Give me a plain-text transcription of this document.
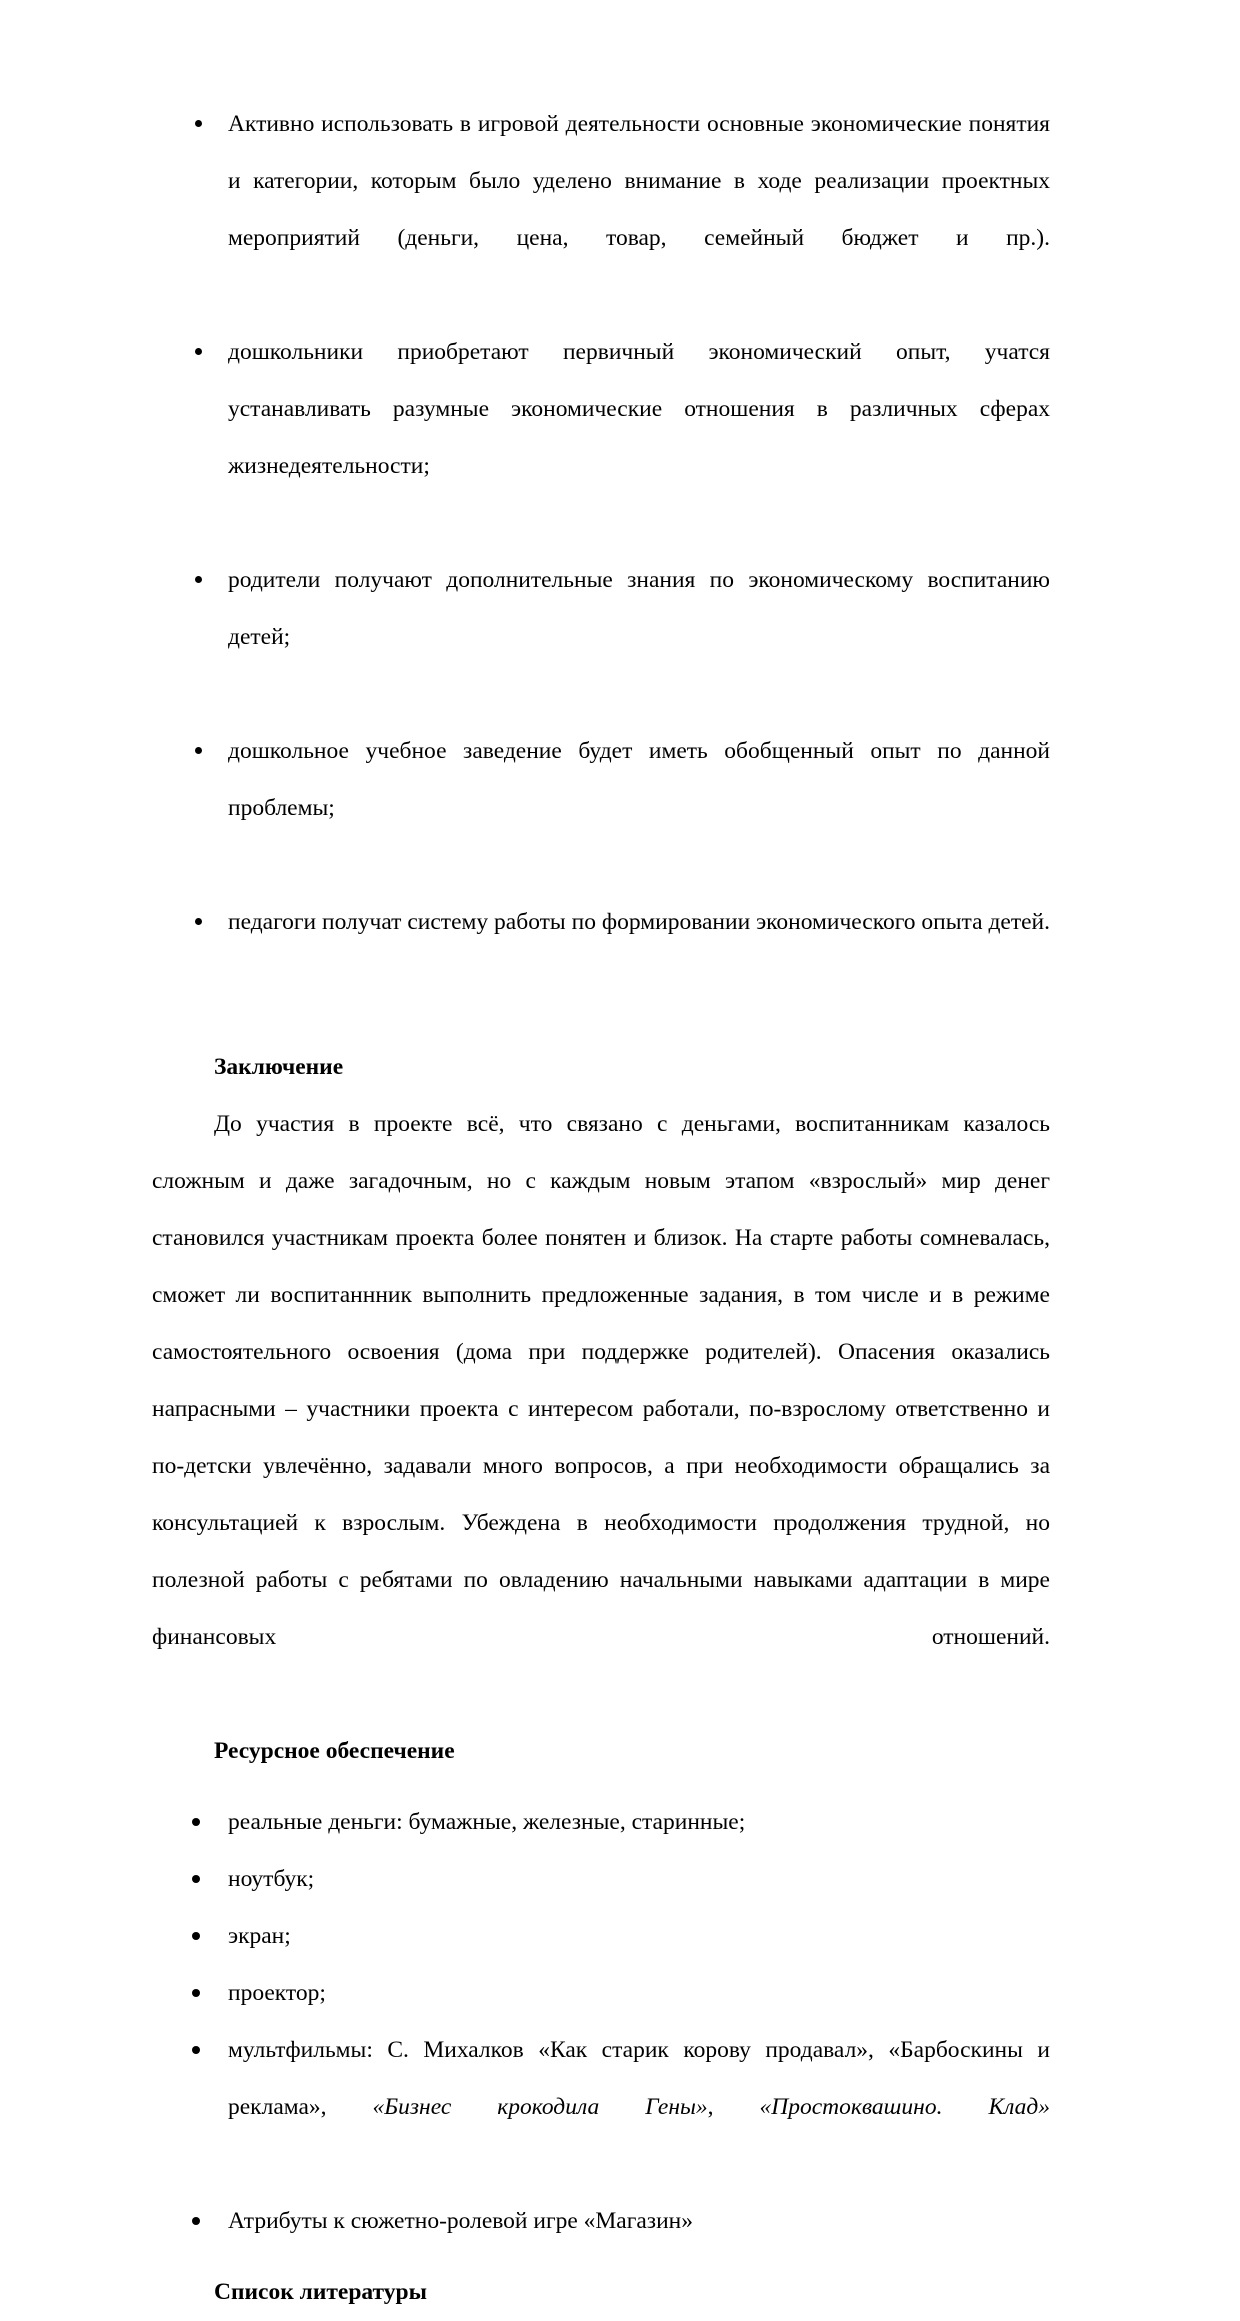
Активно использовать в игровой деятельности основные экономические понятия и категории, которым было уделено внимание в ходе реализации проектных мероприятий (деньги, цена, товар, семейный бюджет и пр.).
дошкольники приобретают первичный экономический опыт, учатся устанавливать разумные экономические отношения в различных сферах жизнедеятельности;
родители получают дополнительные знания по экономическому воспитанию детей;
дошкольное учебное заведение будет иметь обобщенный опыт по данной проблемы;
педагоги получат систему работы по формировании экономического опыта детей.
Заключение

До участия в проекте всё, что связано с деньгами, воспитанникам казалось сложным и даже загадочным, но с каждым новым этапом «взрослый» мир денег становился участникам проекта более понятен и близок. На старте работы сомневалась, сможет ли воспитаннник выполнить предложенные задания, в том числе и в режиме самостоятельного освоения (дома при поддержке родителей). Опасения оказались напрасными – участники проекта с интересом работали, по-взрослому ответственно и по-детски увлечённо, задавали много вопросов, а при необходимости обращались за консультацией к взрослым. Убеждена в необходимости продолжения трудной, но полезной работы с ребятами по овладению начальными навыками адаптации в мире финансовых отношений.

Ресурсное обеспечение
реальные деньги: бумажные, железные, старинные;
ноутбук;
экран;
проектор;
мультфильмы: С. Михалков «Как старик корову продавал», «Барбоскины и реклама», «Бизнес крокодила Гены», «Простоквашино. Клад»
Атрибуты к сюжетно-ролевой игре «Магазин»
Список литературы
